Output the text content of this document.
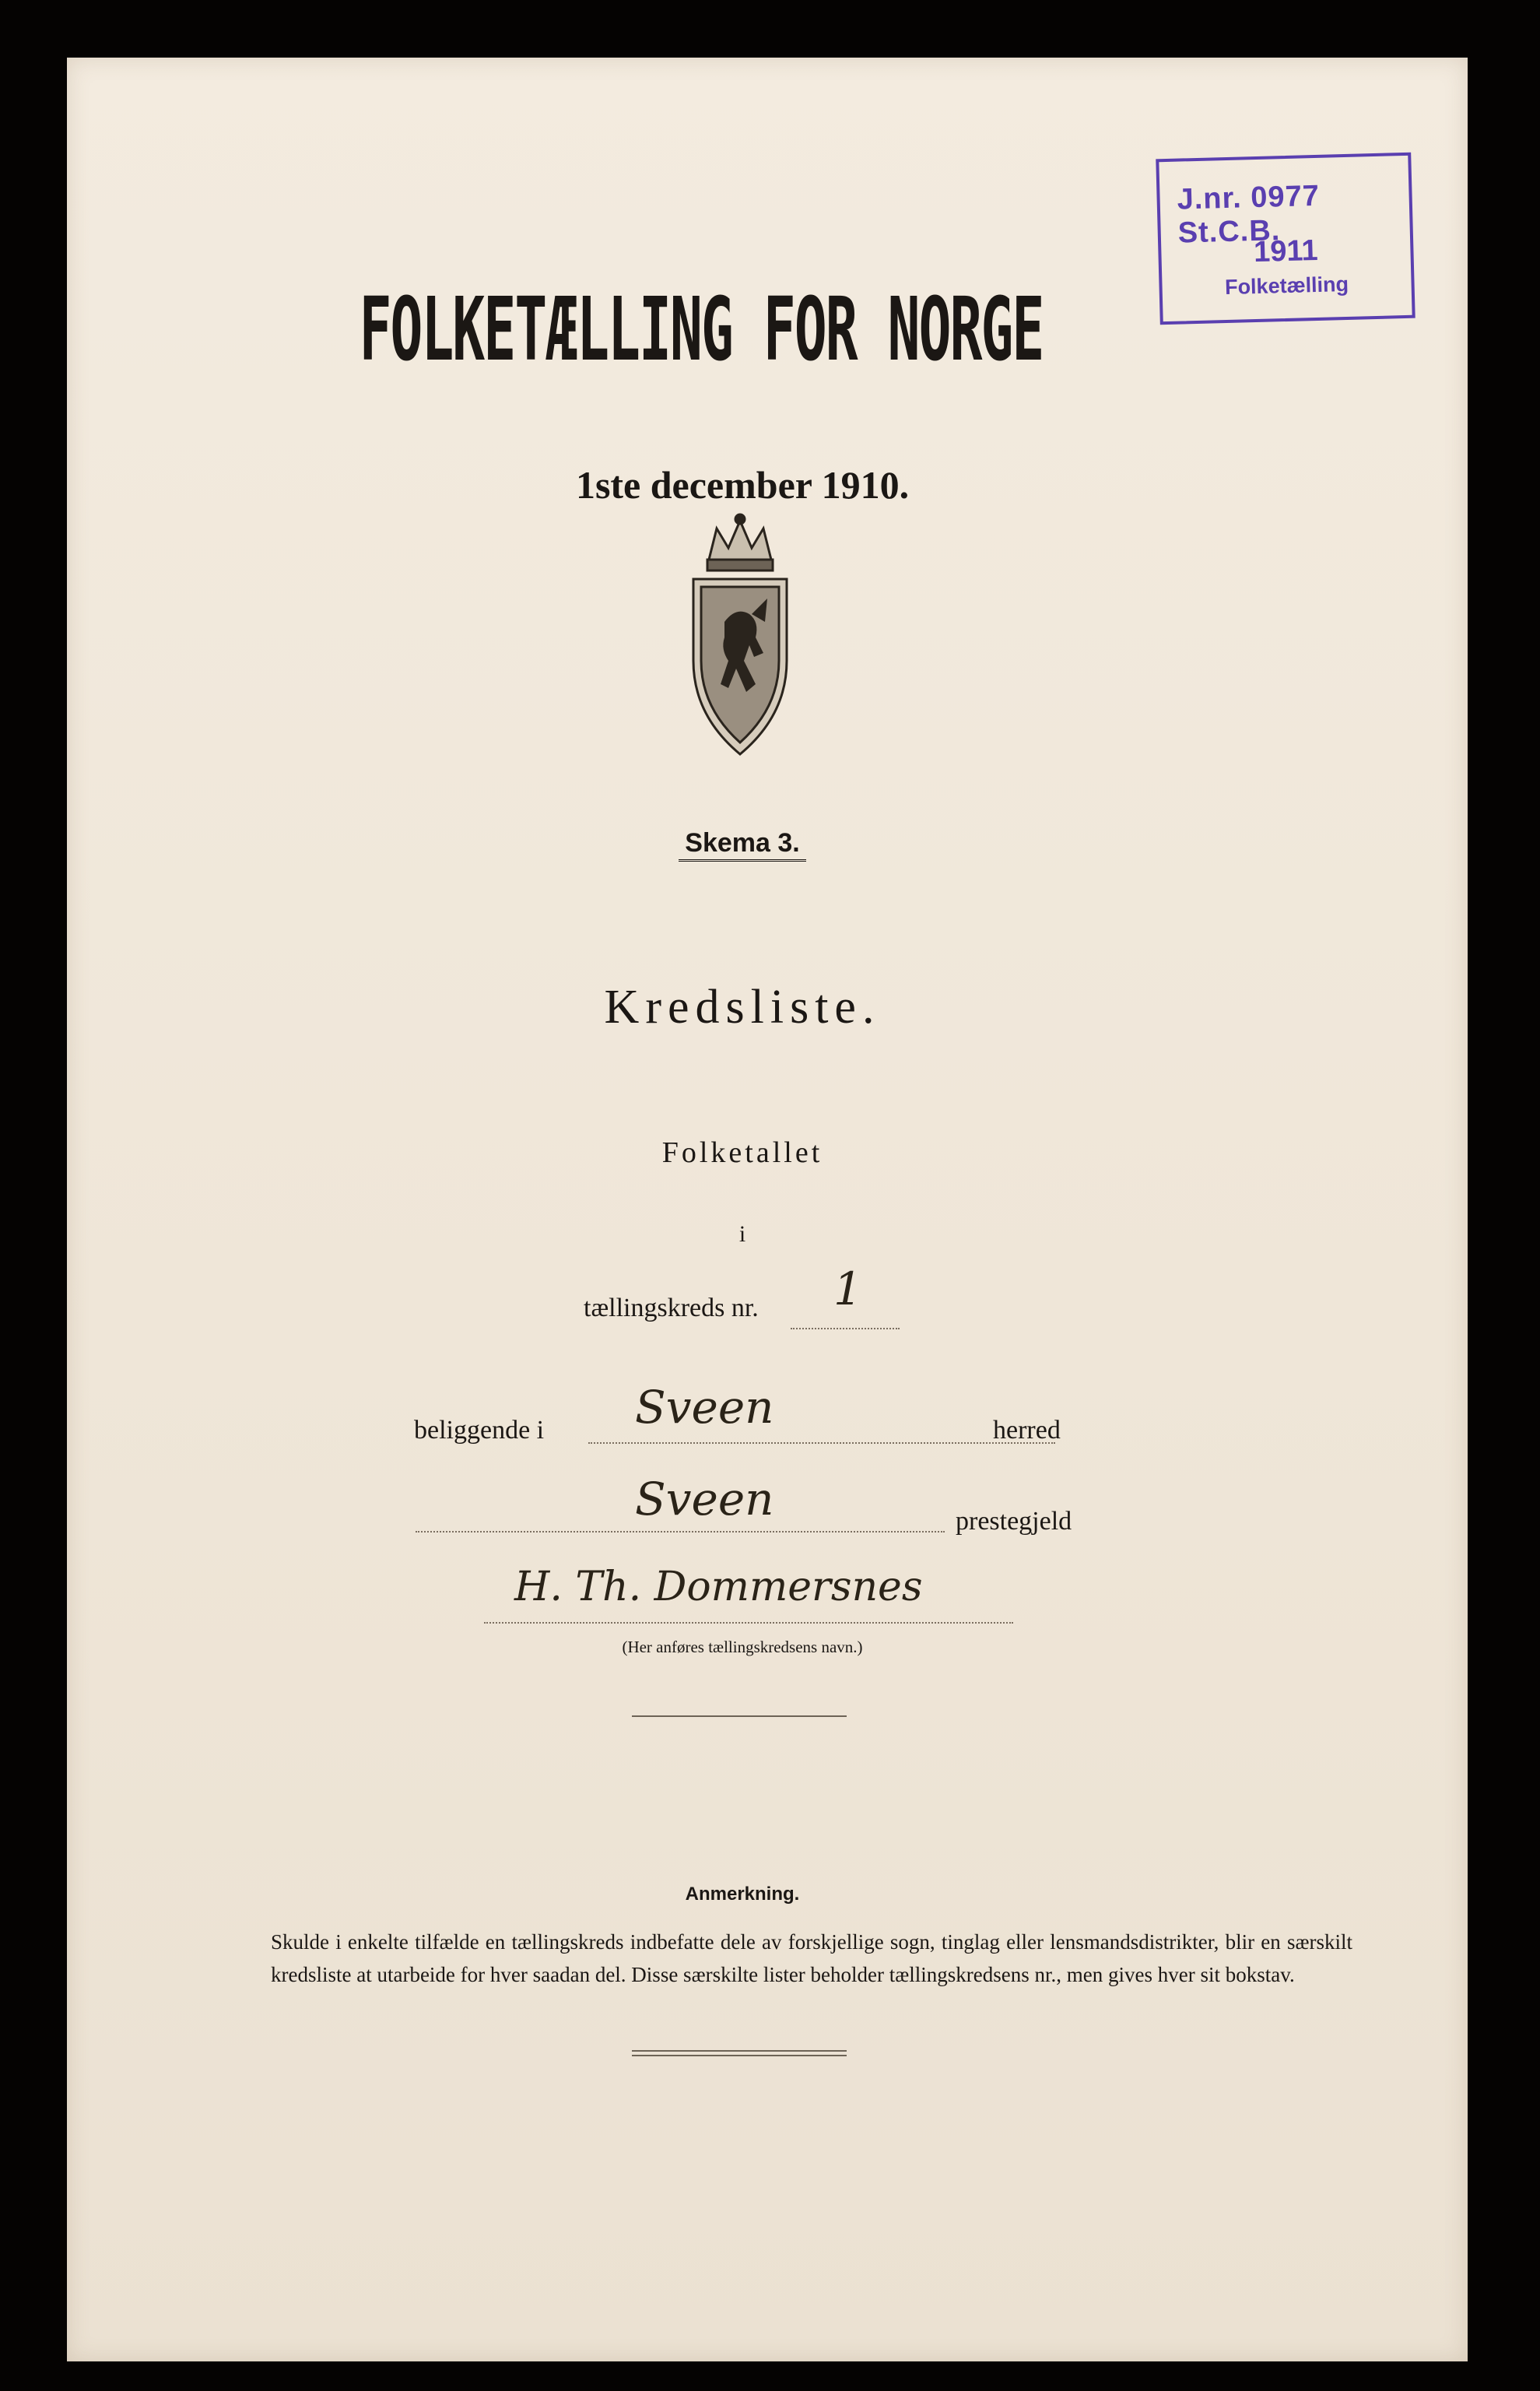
J.nr. 0977 St.C.B.
1911
Folketælling
FOLKETÆLLING FOR NORGE
1ste december 1910.
Skema 3.
Kredsliste.
Folketallet
i
tællingskreds nr. 1
beliggende i Sveen	herred
Sveen	prestegjeld
H. Th. Dommersnes
(Her anføres tællingskredsens navn.)
Anmerkning.
Skulde i enkelte tilfælde en tællingskreds indbefatte dele av forskjellige sogn, tinglag eller lensmandsdistrikter, blir en særskilt kredsliste at utarbeide for hver saadan del. Disse særskilte lister beholder tællingskredsens nr., men gives hver sit bokstav.
